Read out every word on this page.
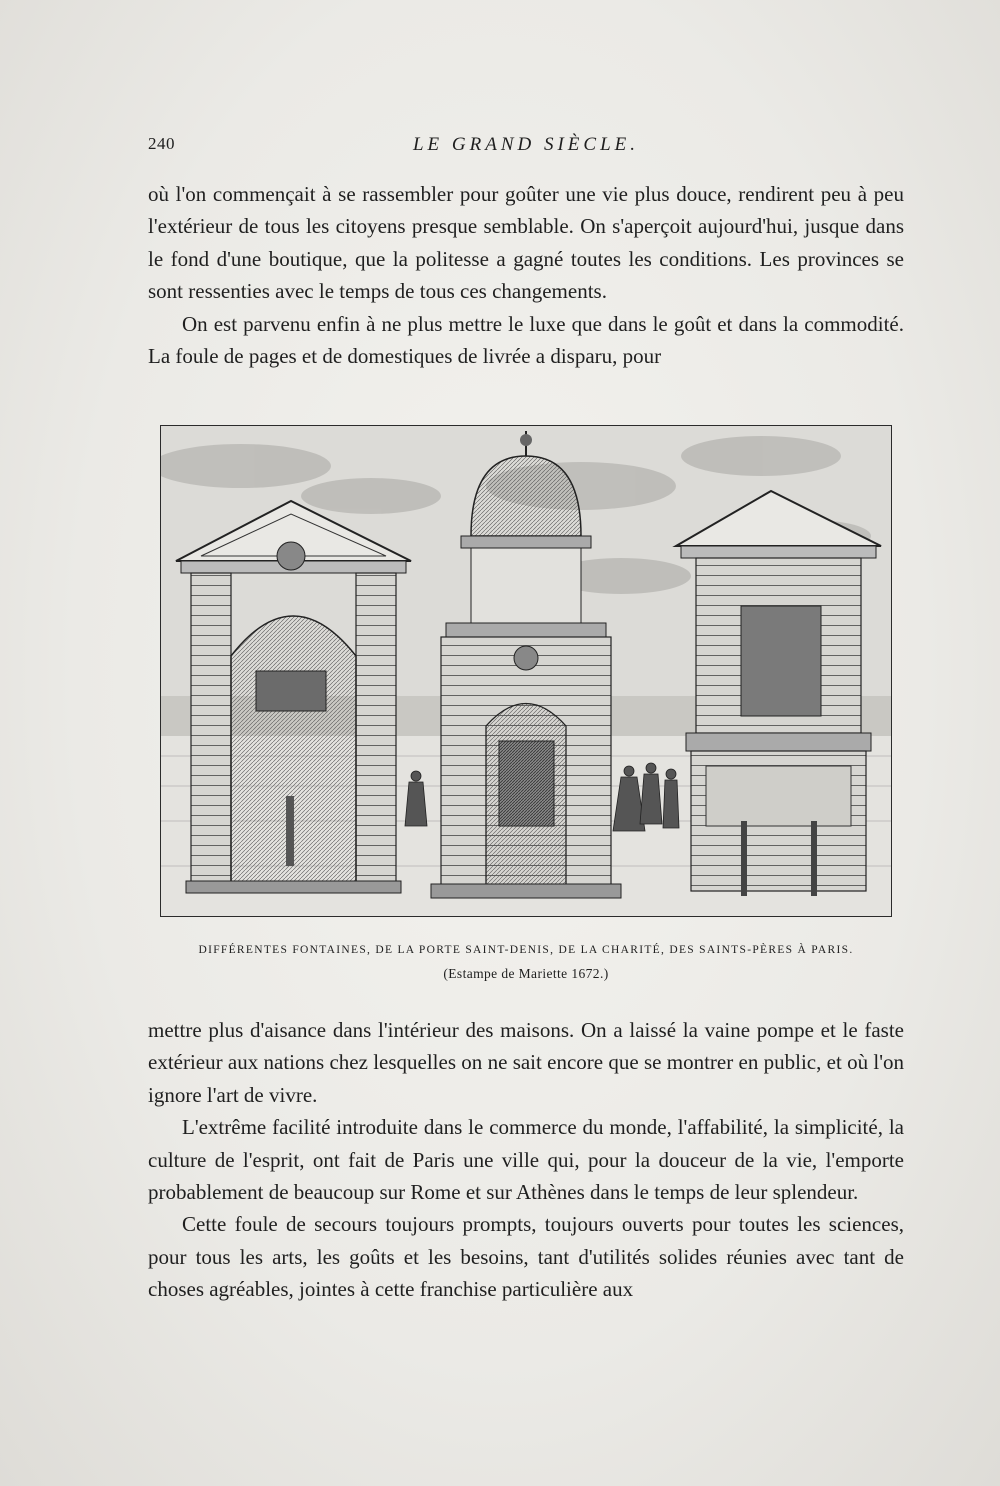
240	LE GRAND SIÈCLE.

où l'on commençait à se rassembler pour goûter une vie plus douce, rendirent peu à peu l'extérieur de tous les citoyens presque semblable. On s'aperçoit aujourd'hui, jusque dans le fond d'une boutique, que la politesse a gagné toutes les conditions. Les provinces se sont ressenties avec le temps de tous ces changements.

On est parvenu enfin à ne plus mettre le luxe que dans le goût et dans la commodité. La foule de pages et de domestiques de livrée a disparu, pour

DIFFÉRENTES FONTAINES, DE LA PORTE SAINT-DENIS, DE LA CHARITÉ, DES SAINTS-PÈRES À PARIS.
(Estampe de Mariette 1672.)

mettre plus d'aisance dans l'intérieur des maisons. On a laissé la vaine pompe et le faste extérieur aux nations chez lesquelles on ne sait encore que se montrer en public, et où l'on ignore l'art de vivre.

L'extrême facilité introduite dans le commerce du monde, l'affabilité, la simplicité, la culture de l'esprit, ont fait de Paris une ville qui, pour la douceur de la vie, l'emporte probablement de beaucoup sur Rome et sur Athènes dans le temps de leur splendeur.

Cette foule de secours toujours prompts, toujours ouverts pour toutes les sciences, pour tous les arts, les goûts et les besoins, tant d'utilités solides réunies avec tant de choses agréables, jointes à cette franchise particulière aux
